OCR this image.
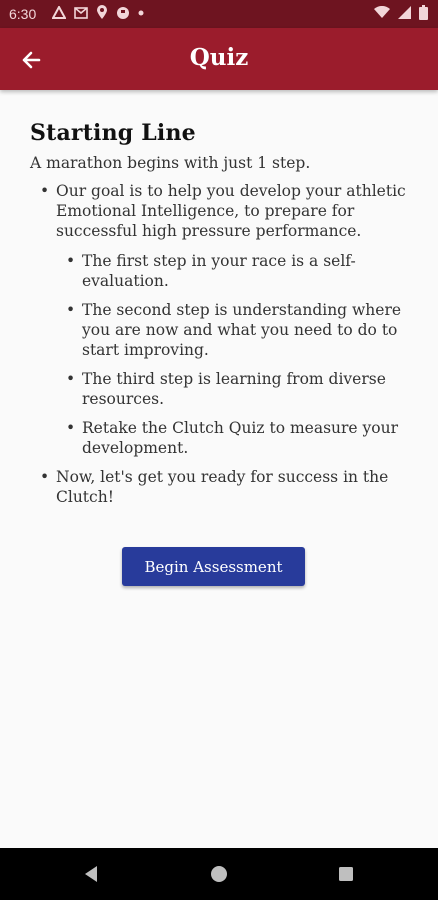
6:30
Quiz
Starting Line

A marathon begins with just 1 step.

• Our goal is to help you develop your athletic Emotional Intelligence, to prepare for successful high pressure performance.
• The first step in your race is a self-evaluation.
• The second step is understanding where you are now and what you need to do to start improving.
• The third step is learning from diverse resources.
• Retake the Clutch Quiz to measure your development.
• Now, let's get you ready for success in the Clutch!
Begin Assessment
